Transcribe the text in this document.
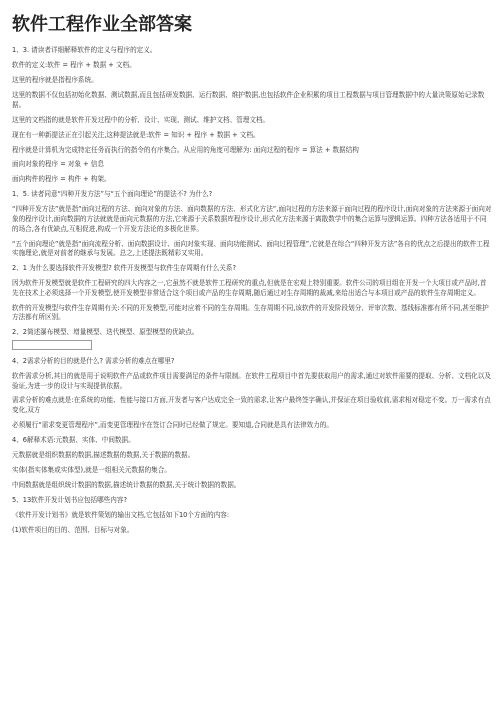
软件工程作业全部答案

1、3. 请读者详细解释软件的定义与程序的定义。

软件的定义:软件 = 程序 + 数据 + 文档。

这里的程序就是指程序系统。

这里的数据不仅包括初始化数据、测试数据,而且包括研发数据、运行数据、维护数据,也包括软件企业积累的项目工程数据与项目管理数据中的大量决策原始记录数据。

这里的文档指的就是软件开发过程中的分析、设计、实现、测试、维护文档、管理文档。

现在有一种新提法正在引起关注,这种提法就是:软件 = 知识 + 程序 + 数据 + 文档。

程序就是计算机为完成特定任务而执行的指令的有序集合。从应用的角度可理解为: 面向过程的程序 = 算法 + 数据结构

面向对象的程序 = 对象 + 信息

面向构件的程序 = 构件 + 构架。

1、5. 读者同意“四种开发方法”与“五个面向理论”的提法不? 为什么?

“四种开发方法”就是指“面向过程的方法、面向对象的方法、面向数据的方法、形式化方法”,面向过程的方法来源于面向过程的程序设计,面向对象的方法来源于面向对象的程序设计,面向数据的方法就就是面向元数据的方法,它来源于关系数据库程序设计,形式化方法来源于离散数学中的集合运算与逻辑运算。四种方法各适用于不同的场合,各有优缺点,互相促进,构成一个开发方法论的多极化世界。

“五个面向理论”就是指“面向流程分析、面向数据设计、面向对象实现、面向功能测试、面向过程管理”,它就是在综合“四种开发方法”各自的优点之后提出的软件工程实施理论,就是对前者的继承与发展。总之,上述提法既精彩又实用。

2、1 为什么要选择软件开发模型? 软件开发模型与软件生存周期有什么关系?

因为软件开发模型就是软件工程研究的四大内容之一,它虽然不就是软件工程研究的重点,但就是在宏观上特别重要。软件公司的项目组在开发一个大项目或产品时,首先在技术上必须选择一个开发模型,使开发模型非常适合这个项目或产品的生存周期,随后通过对生存周期的裁减,来给出适合与本项目或产品的软件生存周期定义。

软件的开发模型与软件生存周期有关:不同的开发模型,可能对应着不同的生存周期。生存周期不同,该软件的开发阶段划分、评审次数、基线标准都有所不同,甚至维护方法都有所区别。

2、2简述瀑布模型、增量模型、迭代模型、原型模型的优缺点。

4、2需求分析的目的就是什么? 需求分析的难点在哪里?

软件需求分析,其目的就是用于说明软件产品或软件项目需要满足的条件与限制。在软件工程项目中首先要获取用户的需求,通过对软件需要的提取、分析、文档化以及验证,为进一步的设计与实现提供依据。

需求分析的难点就是:在系统的功能、性能与接口方面,开发者与客户达成完全一致的需求,让客户最终签字确认,并保证在项目验收前,需求相对稳定不变。万一需求有点变化,双方

必须履行“需求变更管理程序”,而变更管理程序在签订合同时已经做了规定。要知道,合同就是具有法律效力的。

4、6解释术语:元数据、实体、中间数据。

元数据就是组织数据的数据,描述数据的数据,关于数据的数据。

实体(指实体集或实体型),就是一组相关元数据的集合。

中间数据就是组织统计数据的数据,描述统计数据的数据,关于统计数据的数据。

5、13软件开发计划书应包括哪些内容?

《软件开发计划书》就是软件策划的输出文档,它包括如下10个方面的内容:

(1)软件项目的目的、范围、目标与对象。
